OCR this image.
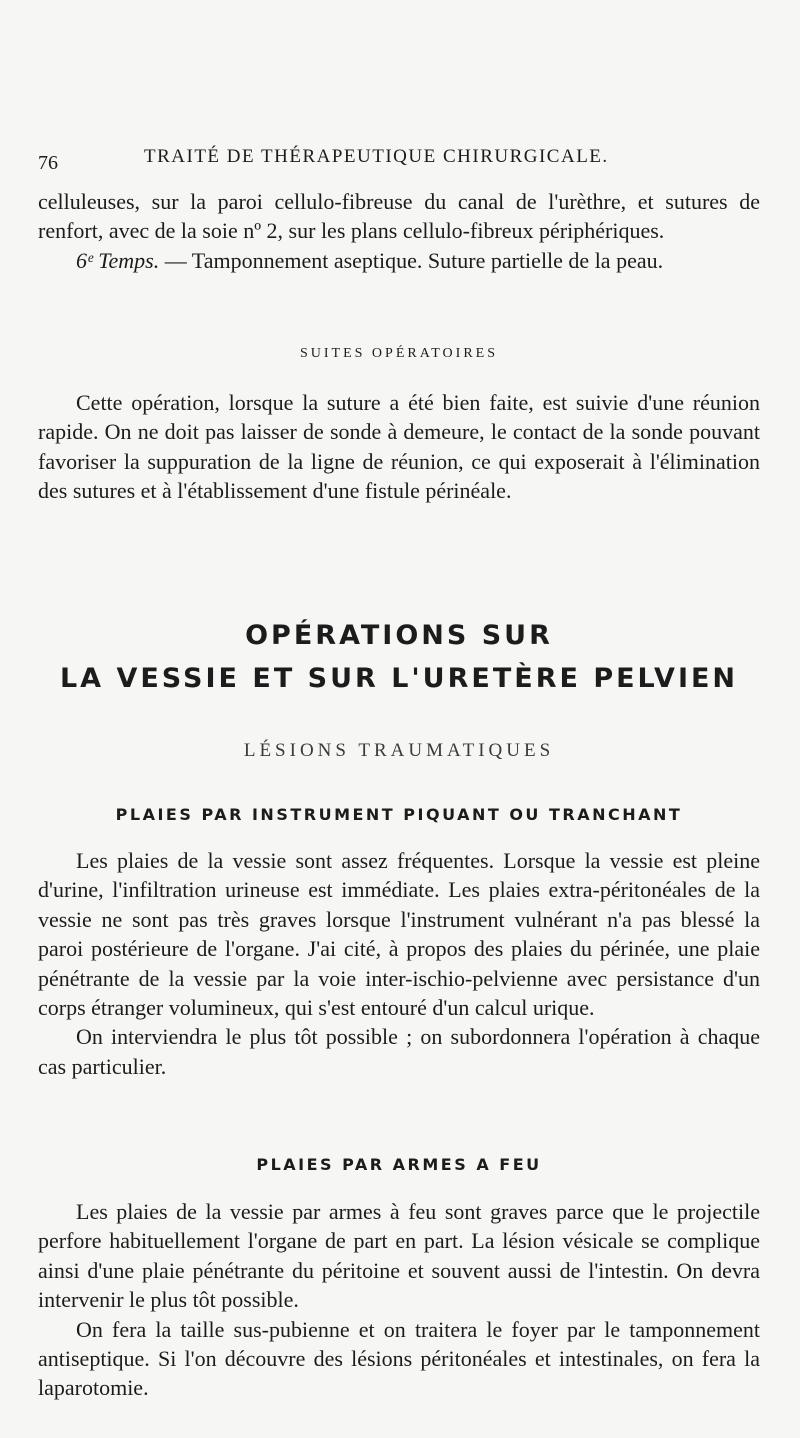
76	TRAITÉ DE THÉRAPEUTIQUE CHIRURGICALE.

celluleuses, sur la paroi cellulo-fibreuse du canal de l'urèthre, et sutures de renfort, avec de la soie nº 2, sur les plans cellulo-fibreux périphériques.

6ᵉ Temps. — Tamponnement aseptique. Suture partielle de la peau.

SUITES OPÉRATOIRES

Cette opération, lorsque la suture a été bien faite, est suivie d'une réunion rapide. On ne doit pas laisser de sonde à demeure, le contact de la sonde pouvant favoriser la suppuration de la ligne de réunion, ce qui exposerait à l'élimination des sutures et à l'établissement d'une fistule périnéale.

OPÉRATIONS SUR
LA VESSIE ET SUR L'URETÈRE PELVIEN
LÉSIONS TRAUMATIQUES
PLAIES PAR INSTRUMENT PIQUANT OU TRANCHANT

Les plaies de la vessie sont assez fréquentes. Lorsque la vessie est pleine d'urine, l'infiltration urineuse est immédiate. Les plaies extra-péritonéales de la vessie ne sont pas très graves lorsque l'instrument vulnérant n'a pas blessé la paroi postérieure de l'organe. J'ai cité, à propos des plaies du périnée, une plaie pénétrante de la vessie par la voie inter-ischio-pelvienne avec persistance d'un corps étranger volumineux, qui s'est entouré d'un calcul urique.

On interviendra le plus tôt possible ; on subordonnera l'opération à chaque cas particulier.

PLAIES PAR ARMES A FEU

Les plaies de la vessie par armes à feu sont graves parce que le projectile perfore habituellement l'organe de part en part. La lésion vésicale se complique ainsi d'une plaie pénétrante du péritoine et souvent aussi de l'intestin. On devra intervenir le plus tôt possible.

On fera la taille sus-pubienne et on traitera le foyer par le tamponnement antiseptique. Si l'on découvre des lésions péritonéales et intestinales, on fera la laparotomie.
